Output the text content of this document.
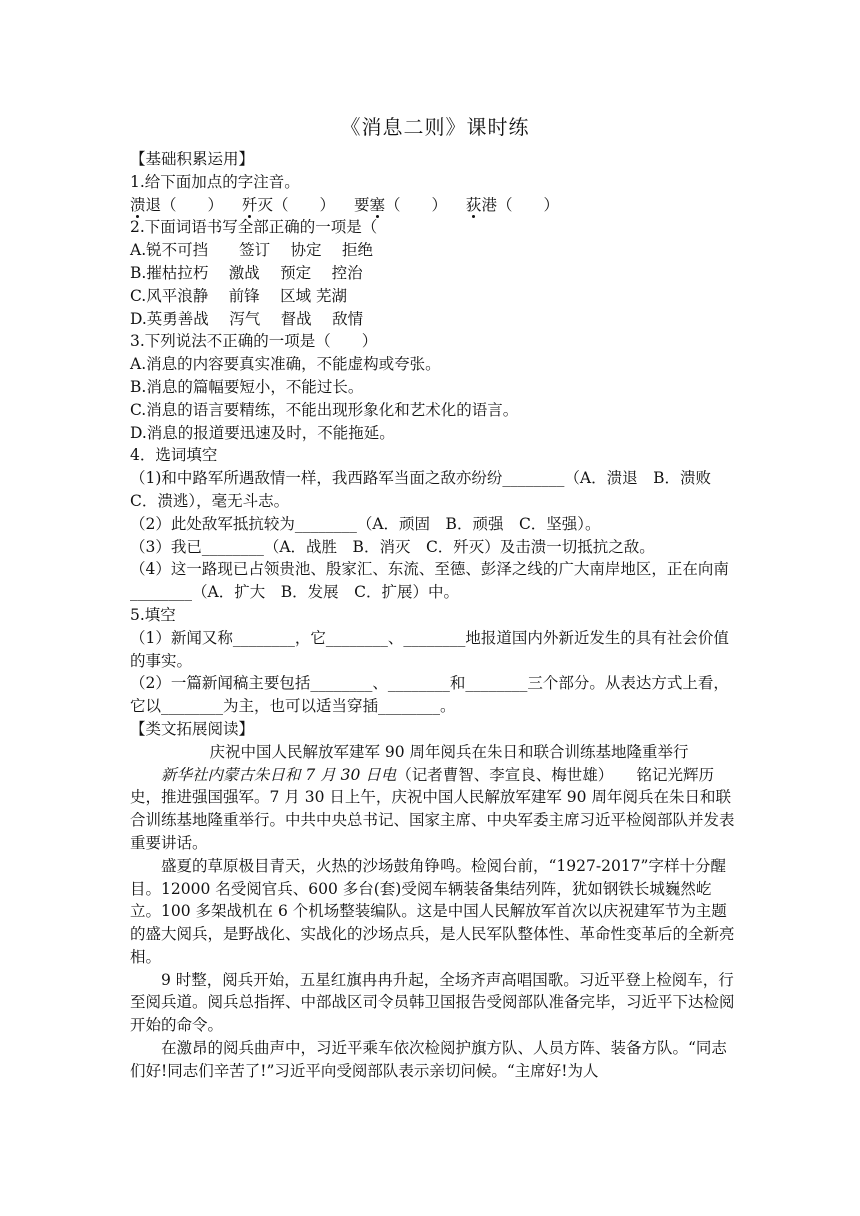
《消息二则》课时练
【基础积累运用】
1.给下面加点的字注音。
溃退（　　） 歼灭（　　） 要塞（　　） 荻港（　　）
2.下面词语书写全部正确的一项是（
A.锐不可挡　　签订　 协定　 拒绝
B.摧枯拉朽　 激战　 预定　 控治
C.风平浪静　 前锋　 区域 芜湖
D.英勇善战　 泻气　 督战　 敌情
3.下列说法不正确的一项是（　　）
A.消息的内容要真实准确，不能虚构或夸张。
B.消息的篇幅要短小，不能过长。
C.消息的语言要精练，不能出现形象化和艺术化的语言。
D.消息的报道要迅速及时，不能拖延。
4．选词填空
（1)和中路军所遇敌情一样，我西路军当面之敌亦纷纷________（A．溃退　B．溃败　C．溃逃），毫无斗志。
（2）此处敌军抵抗较为________（A．顽固　B．顽强　C．坚强）。
（3）我已________（A．战胜　B．消灭　C．歼灭）及击溃一切抵抗之敌。
（4）这一路现已占领贵池、殷家汇、东流、至德、彭泽之线的广大南岸地区，正在向南________（A．扩大　B．发展　C．扩展）中。
5.填空
（1）新闻又称________，它________、________地报道国内外新近发生的具有社会价值的事实。
（2）一篇新闻稿主要包括________、________和________三个部分。从表达方式上看，它以________为主，也可以适当穿插________。
【类文拓展阅读】
庆祝中国人民解放军建军 90 周年阅兵在朱日和联合训练基地隆重举行
新华社内蒙古朱日和 7 月 30 日电（记者曹智、李宣良、梅世雄）　　铭记光辉历史，推进强国强军。7 月 30 日上午，庆祝中国人民解放军建军 90 周年阅兵在朱日和联合训练基地隆重举行。中共中央总书记、国家主席、中央军委主席习近平检阅部队并发表重要讲话。
盛夏的草原极目青天，火热的沙场鼓角铮鸣。检阅台前，“1927-2017”字样十分醒目。12000 名受阅官兵、600 多台(套)受阅车辆装备集结列阵，犹如钢铁长城巍然屹立。100 多架战机在 6 个机场整装编队。这是中国人民解放军首次以庆祝建军节为主题的盛大阅兵，是野战化、实战化的沙场点兵，是人民军队整体性、革命性变革后的全新亮相。
9 时整，阅兵开始，五星红旗冉冉升起，全场齐声高唱国歌。习近平登上检阅车，行至阅兵道。阅兵总指挥、中部战区司令员韩卫国报告受阅部队准备完毕，习近平下达检阅开始的命令。
在激昂的阅兵曲声中，习近平乘车依次检阅护旗方队、人员方阵、装备方队。“同志们好!同志们辛苦了!”习近平向受阅部队表示亲切问候。“主席好!为人
